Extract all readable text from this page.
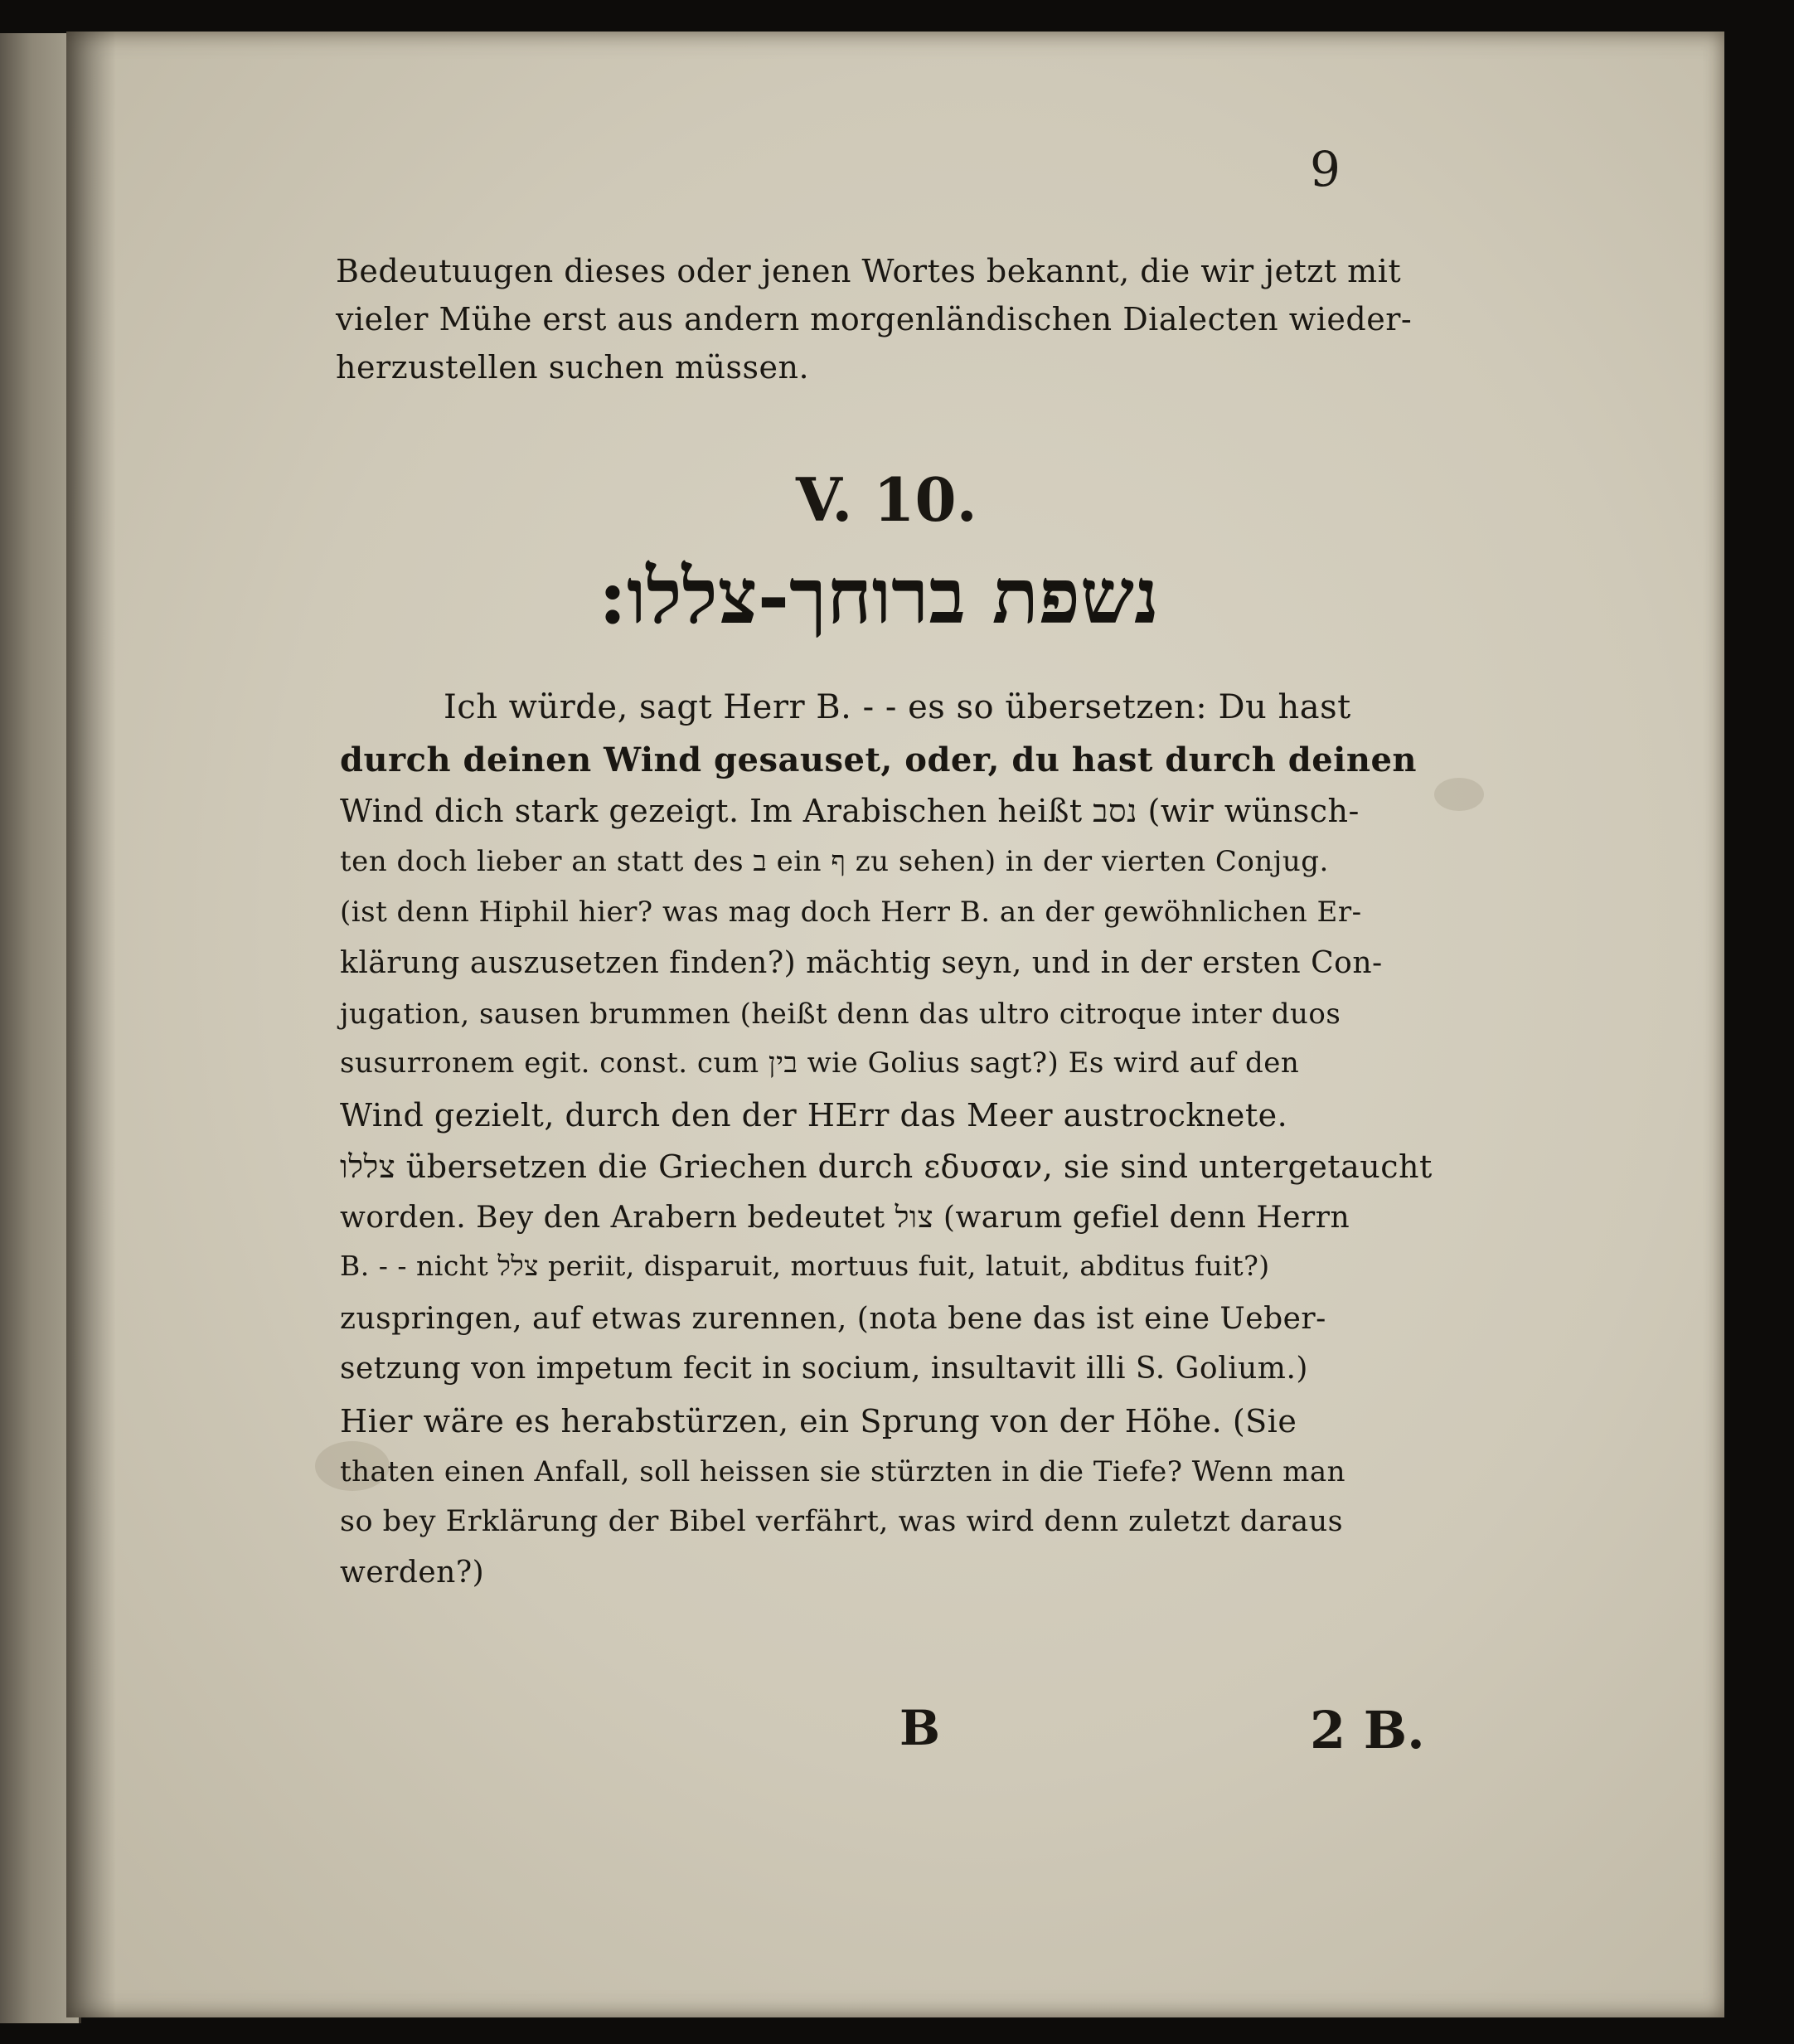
9
Bedeutuugen dieses oder jenen Wortes bekannt, die wir jetzt mit
vieler Mühe erst aus andern morgenländischen Dialecten wieder-
herzustellen suchen müssen.
V. 10.
נשפת ברוחך-צללו:
Ich würde, sagt Herr B. - - es so übersetzen: Du hast
durch deinen Wind gesauset, oder, du hast durch deinen
Wind dich stark gezeigt. Im Arabischen heißt נסב (wir wünsch-
ten doch lieber an statt des ב ein ף zu sehen) in der vierten Conjug.
(ist denn Hiphil hier? was mag doch Herr B. an der gewöhnlichen Er-
klärung auszusetzen finden?) mächtig seyn, und in der ersten Con-
jugation, sausen brummen (heißt denn das ultro citroque inter duos
susurronem egit. const. cum בין wie Golius sagt?) Es wird auf den
Wind gezielt, durch den der HErr das Meer austrocknete.
צללו übersetzen die Griechen durch εδυσαν, sie sind untergetaucht
worden. Bey den Arabern bedeutet צול (warum gefiel denn Herrn
B. - - nicht צלל periit, disparuit, mortuus fuit, latuit, abditus fuit?)
zuspringen, auf etwas zurennen, (nota bene das ist eine Ueber-
setzung von impetum fecit in socium, insultavit illi S. Golium.)
Hier wäre es herabstürzen, ein Sprung von der Höhe. (Sie
thaten einen Anfall, soll heissen sie stürzten in die Tiefe? Wenn man
so bey Erklärung der Bibel verfährt, was wird denn zuletzt daraus
werden?)
B	2 B.
